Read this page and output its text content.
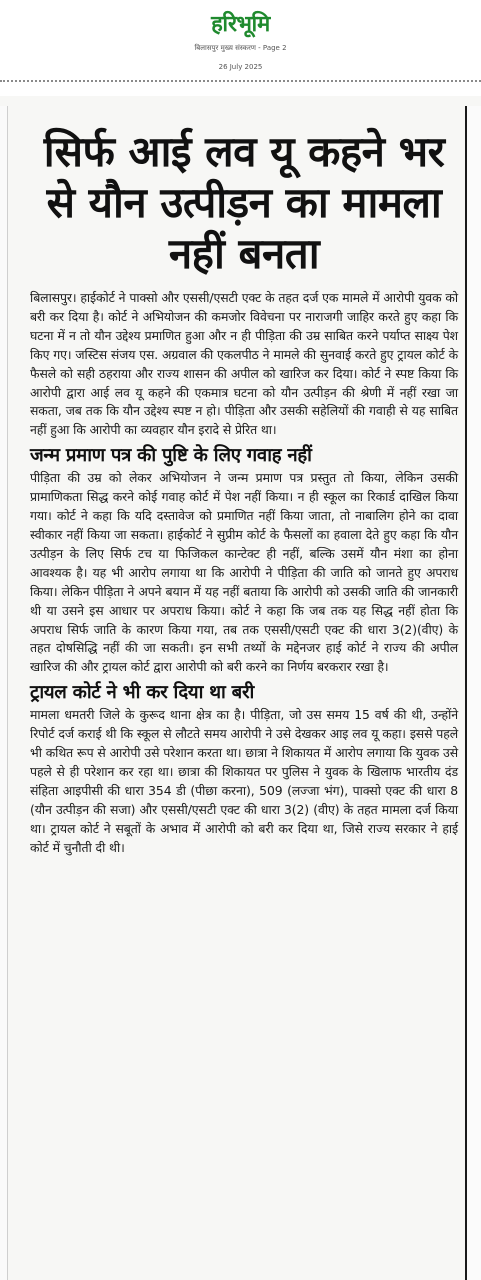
हरिभूमि
बिलासपुर मुख्य संस्करण - Page 2
26 July 2025
सिर्फ आई लव यू कहने भर से यौन उत्पीड़न का मामला नहीं बनता

बिलासपुर। हाईकोर्ट ने पाक्सो और एससी/एसटी एक्ट के तहत दर्ज एक मामले में आरोपी युवक को बरी कर दिया है। कोर्ट ने अभियोजन की कमजोर विवेचना पर नाराजगी जाहिर करते हुए कहा कि घटना में न तो यौन उद्देश्य प्रमाणित हुआ और न ही पीड़िता की उम्र साबित करने पर्याप्त साक्ष्य पेश किए गए। जस्टिस संजय एस. अग्रवाल की एकलपीठ ने मामले की सुनवाई करते हुए ट्रायल कोर्ट के फैसले को सही ठहराया और राज्य शासन की अपील को खारिज कर दिया। कोर्ट ने स्पष्ट किया कि आरोपी द्वारा आई लव यू कहने की एकमात्र घटना को यौन उत्पीड़न की श्रेणी में नहीं रखा जा सकता, जब तक कि यौन उद्देश्य स्पष्ट न हो। पीड़िता और उसकी सहेलियों की गवाही से यह साबित नहीं हुआ कि आरोपी का व्यवहार यौन इरादे से प्रेरित था।

जन्म प्रमाण पत्र की पुष्टि के लिए गवाह नहीं

पीड़िता की उम्र को लेकर अभियोजन ने जन्म प्रमाण पत्र प्रस्तुत तो किया, लेकिन उसकी प्रामाणिकता सिद्ध करने कोई गवाह कोर्ट में पेश नहीं किया। न ही स्कूल का रिकार्ड दाखिल किया गया। कोर्ट ने कहा कि यदि दस्तावेज को प्रमाणित नहीं किया जाता, तो नाबालिग होने का दावा स्वीकार नहीं किया जा सकता। हाईकोर्ट ने सुप्रीम कोर्ट के फैसलों का हवाला देते हुए कहा कि यौन उत्पीड़न के लिए सिर्फ टच या फिजिकल कान्टेक्ट ही नहीं, बल्कि उसमें यौन मंशा का होना आवश्यक है। यह भी आरोप लगाया था कि आरोपी ने पीड़िता की जाति को जानते हुए अपराध किया। लेकिन पीड़िता ने अपने बयान में यह नहीं बताया कि आरोपी को उसकी जाति की जानकारी थी या उसने इस आधार पर अपराध किया। कोर्ट ने कहा कि जब तक यह सिद्ध नहीं होता कि अपराध सिर्फ जाति के कारण किया गया, तब तक एससी/एसटी एक्ट की धारा 3(2)(वीए) के तहत दोषसिद्धि नहीं की जा सकती। इन सभी तथ्यों के मद्देनजर हाई कोर्ट ने राज्य की अपील खारिज की और ट्रायल कोर्ट द्वारा आरोपी को बरी करने का निर्णय बरकरार रखा है।

ट्रायल कोर्ट ने भी कर दिया था बरी

मामला धमतरी जिले के कुरूद थाना क्षेत्र का है। पीड़िता, जो उस समय 15 वर्ष की थी, उन्होंने रिपोर्ट दर्ज कराई थी कि स्कूल से लौटते समय आरोपी ने उसे देखकर आइ लव यू कहा। इससे पहले भी कथित रूप से आरोपी उसे परेशान करता था। छात्रा ने शिकायत में आरोप लगाया कि युवक उसे पहले से ही परेशान कर रहा था। छात्रा की शिकायत पर पुलिस ने युवक के खिलाफ भारतीय दंड संहिता आइपीसी की धारा 354 डी (पीछा करना), 509 (लज्जा भंग), पाक्सो एक्ट की धारा 8 (यौन उत्पीड़न की सजा) और एससी/एसटी एक्ट की धारा 3(2) (वीए) के तहत मामला दर्ज किया था। ट्रायल कोर्ट ने सबूतों के अभाव में आरोपी को बरी कर दिया था, जिसे राज्य सरकार ने हाई कोर्ट में चुनौती दी थी।
